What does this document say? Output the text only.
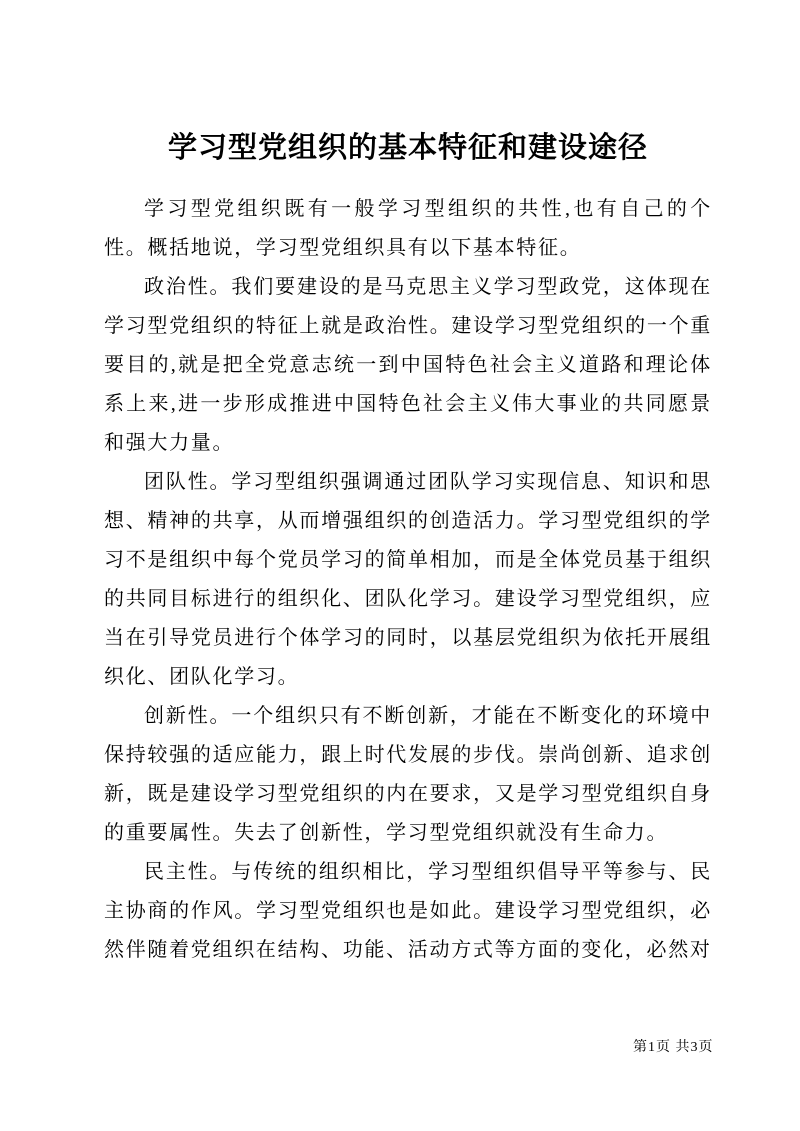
学习型党组织的基本特征和建设途径

学习型党组织既有一般学习型组织的共性,也有自己的个性。概括地说，学习型党组织具有以下基本特征。

政治性。我们要建设的是马克思主义学习型政党，这体现在学习型党组织的特征上就是政治性。建设学习型党组织的一个重要目的,就是把全党意志统一到中国特色社会主义道路和理论体系上来,进一步形成推进中国特色社会主义伟大事业的共同愿景和强大力量。

团队性。学习型组织强调通过团队学习实现信息、知识和思想、精神的共享，从而增强组织的创造活力。学习型党组织的学习不是组织中每个党员学习的简单相加，而是全体党员基于组织的共同目标进行的组织化、团队化学习。建设学习型党组织，应当在引导党员进行个体学习的同时，以基层党组织为依托开展组织化、团队化学习。

创新性。一个组织只有不断创新，才能在不断变化的环境中保持较强的适应能力，跟上时代发展的步伐。崇尚创新、追求创新，既是建设学习型党组织的内在要求，又是学习型党组织自身的重要属性。失去了创新性，学习型党组织就没有生命力。

民主性。与传统的组织相比，学习型组织倡导平等参与、民主协商的作风。学习型党组织也是如此。建设学习型党组织，必然伴随着党组织在结构、功能、活动方式等方面的变化，必然对

第1页 共3页
